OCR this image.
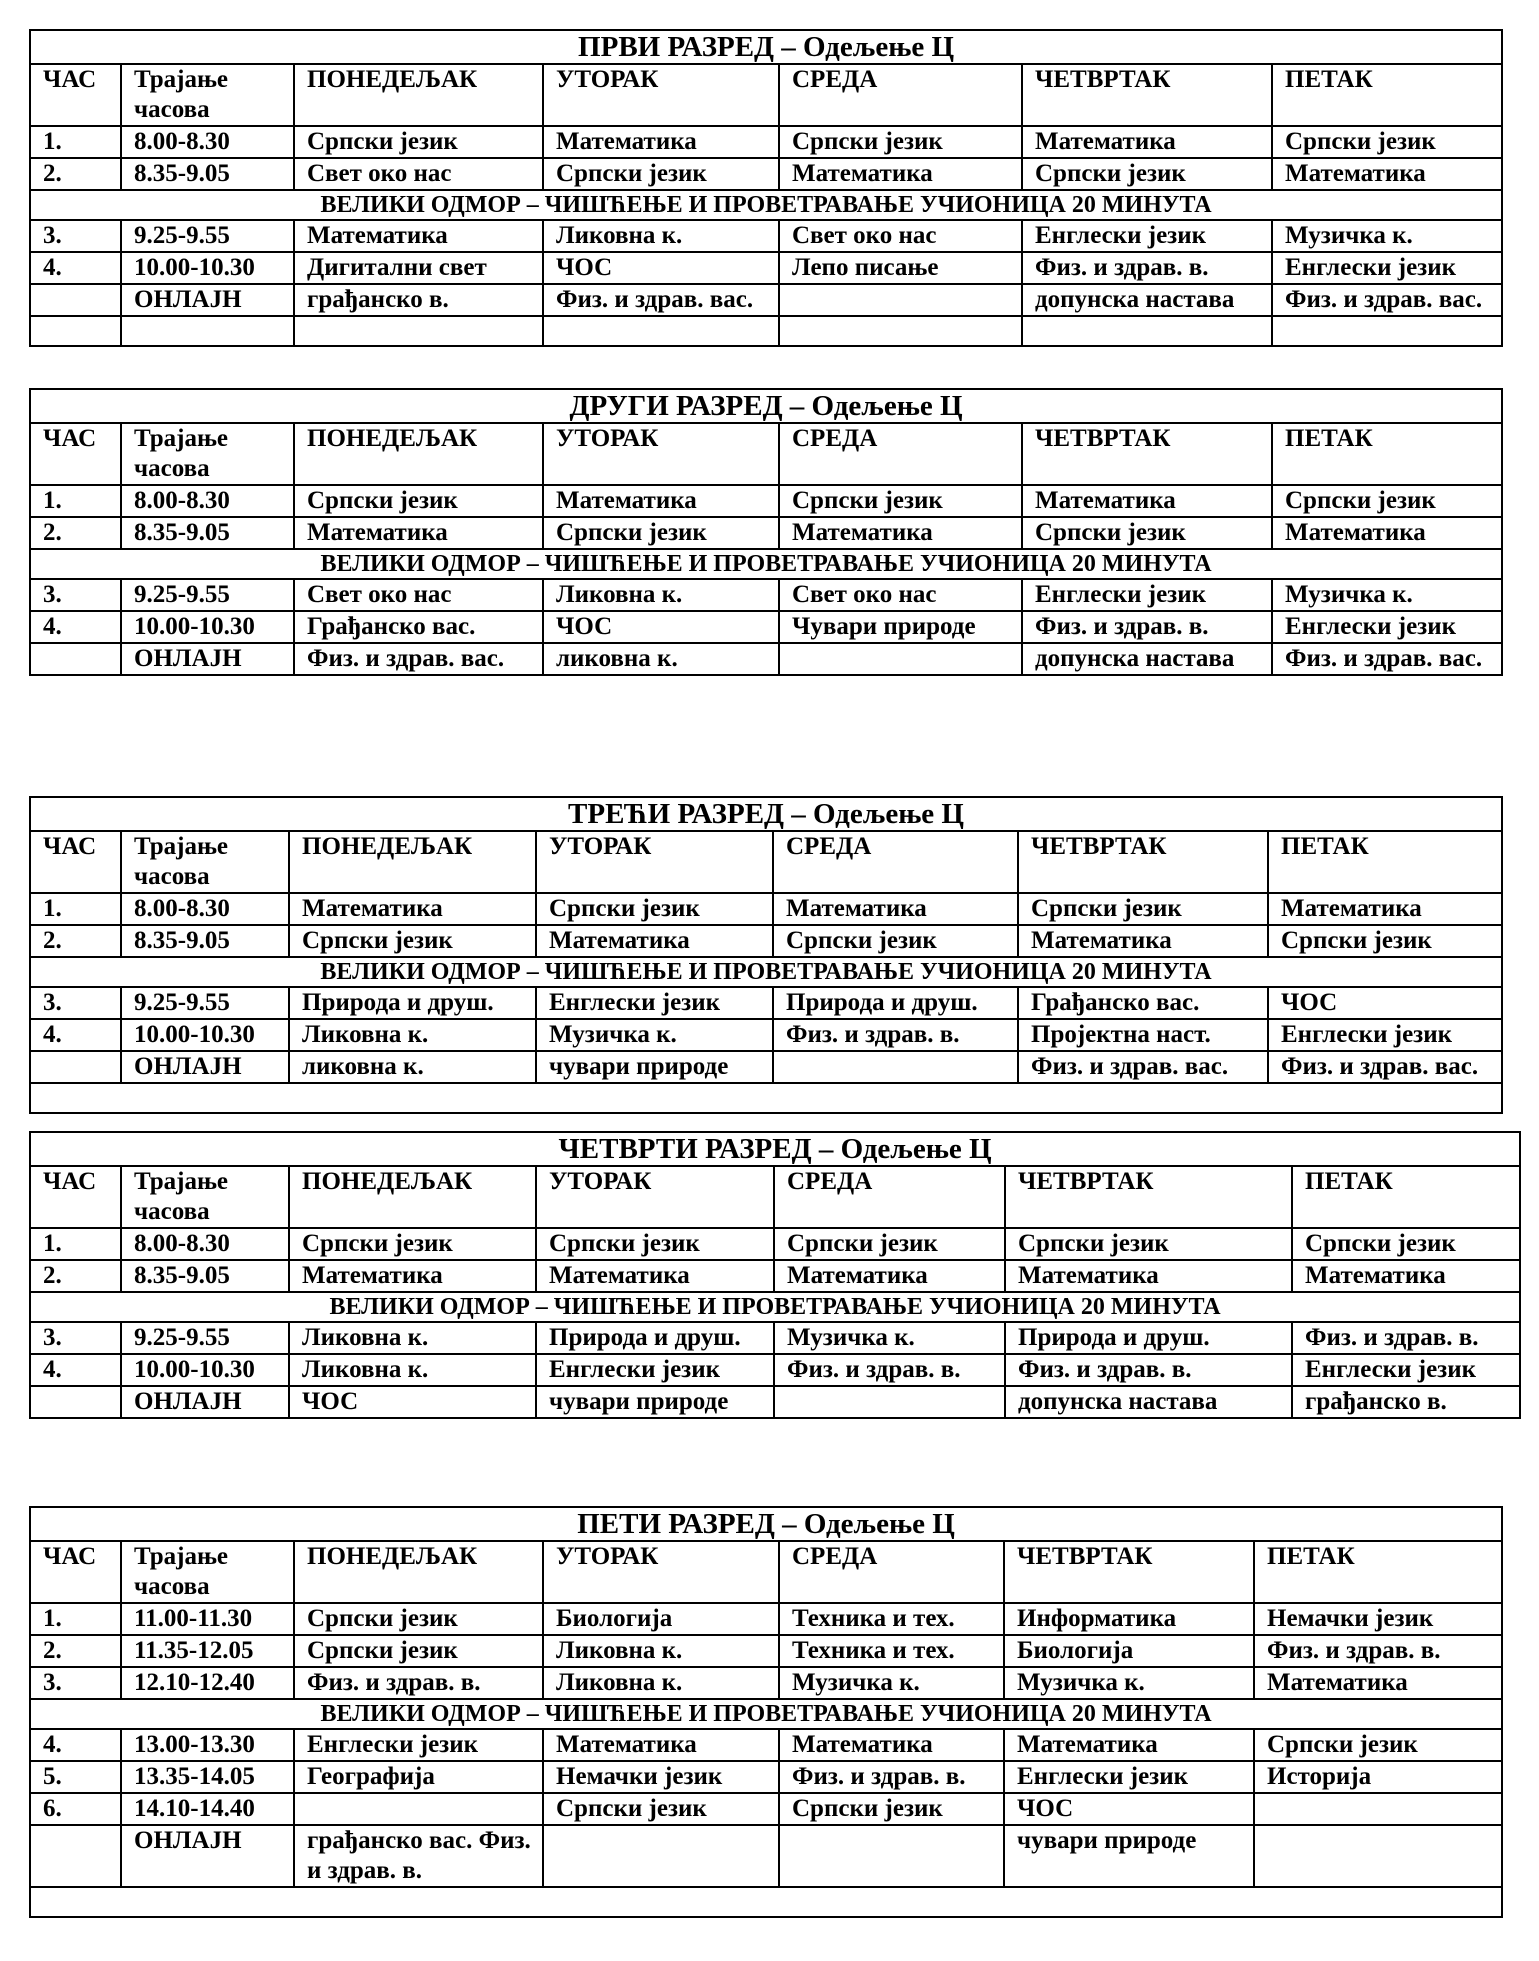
ПРВИ РАЗРЕД – Одељење Ц						
ЧАС	Трајање часова	ПОНЕДЕЉАК	УТОРАК	СРЕДА	ЧЕТВРТАК	ПЕТАК
1.	8.00-8.30	Српски језик	Математика	Српски језик	Математика	Српски језик
2.	8.35-9.05	Свет око нас	Српски језик	Математика	Српски језик	Математика
ВЕЛИКИ ОДМОР – ЧИШЋЕЊЕ И ПРОВЕТРАВАЊЕ УЧИОНИЦА 20 МИНУТА						
3.	9.25-9.55	Математика	Ликовна к.	Свет око нас	Енглески језик	Музичка к.
4.	10.00-10.30	Дигитални свет	ЧОС	Лепо писање	Физ. и здрав. в.	Енглески језик
	ОНЛАЈН	грађанско в.	Физ. и здрав. вас.		допунска настава	Физ. и здрав. вас.

ДРУГИ РАЗРЕД – Одељење Ц						
ЧАС	Трајање часова	ПОНЕДЕЉАК	УТОРАК	СРЕДА	ЧЕТВРТАК	ПЕТАК
1.	8.00-8.30	Српски језик	Математика	Српски језик	Математика	Српски језик
2.	8.35-9.05	Математика	Српски језик	Математика	Српски језик	Математика
ВЕЛИКИ ОДМОР – ЧИШЋЕЊЕ И ПРОВЕТРАВАЊЕ УЧИОНИЦА 20 МИНУТА						
3.	9.25-9.55	Свет око нас	Ликовна к.	Свет око нас	Енглески језик	Музичка к.
4.	10.00-10.30	Грађанско вас.	ЧОС	Чувари природе	Физ. и здрав. в.	Енглески језик
	ОНЛАЈН	Физ. и здрав. вас.	ликовна к.		допунска настава	Физ. и здрав. вас.
ТРЕЋИ РАЗРЕД – Одељење Ц						
ЧАС	Трајање часова	ПОНЕДЕЉАК	УТОРАК	СРЕДА	ЧЕТВРТАК	ПЕТАК
1.	8.00-8.30	Математика	Српски језик	Математика	Српски језик	Математика
2.	8.35-9.05	Српски језик	Математика	Српски језик	Математика	Српски језик
ВЕЛИКИ ОДМОР – ЧИШЋЕЊЕ И ПРОВЕТРАВАЊЕ УЧИОНИЦА 20 МИНУТА						
3.	9.25-9.55	Природа и друш.	Енглески језик	Природа и друш.	Грађанско вас.	ЧОС
4.	10.00-10.30	Ликовна к.	Музичка к.	Физ. и здрав. в.	Пројектна наст.	Енглески језик
	ОНЛАЈН	ликовна к.	чувари природе		Физ. и здрав. вас.	Физ. и здрав. вас.

ЧЕТВРТИ РАЗРЕД – Одељење Ц						
ЧАС	Трајање часова	ПОНЕДЕЉАК	УТОРАК	СРЕДА	ЧЕТВРТАК	ПЕТАК
1.	8.00-8.30	Српски језик	Српски језик	Српски језик	Српски језик	Српски језик
2.	8.35-9.05	Математика	Математика	Математика	Математика	Математика
ВЕЛИКИ ОДМОР – ЧИШЋЕЊЕ И ПРОВЕТРАВАЊЕ УЧИОНИЦА 20 МИНУТА						
3.	9.25-9.55	Ликовна к.	Природа и друш.	Музичка к.	Природа и друш.	Физ. и здрав. в.
4.	10.00-10.30	Ликовна к.	Енглески језик	Физ. и здрав. в.	Физ. и здрав. в.	Енглески језик
	ОНЛАЈН	ЧОС	чувари природе		допунска настава	грађанско в.
ПЕТИ РАЗРЕД – Одељење Ц						
ЧАС	Трајање часова	ПОНЕДЕЉАК	УТОРАК	СРЕДА	ЧЕТВРТАК	ПЕТАК
1.	11.00-11.30	Српски језик	Биологија	Техника и тех.	Информатика	Немачки језик
2.	11.35-12.05	Српски језик	Ликовна к.	Техника и тех.	Биологија	Физ. и здрав. в.
3.	12.10-12.40	Физ. и здрав. в.	Ликовна к.	Музичка к.	Музичка к.	Математика
ВЕЛИКИ ОДМОР – ЧИШЋЕЊЕ И ПРОВЕТРАВАЊЕ УЧИОНИЦА 20 МИНУТА						
4.	13.00-13.30	Енглески језик	Математика	Математика	Математика	Српски језик
5.	13.35-14.05	Географија	Немачки језик	Физ. и здрав. в.	Енглески језик	Историја
6.	14.10-14.40		Српски језик	Српски језик	ЧОС	
	ОНЛАЈН	грађанско вас. Физ. и здрав. в.			чувари природе	
